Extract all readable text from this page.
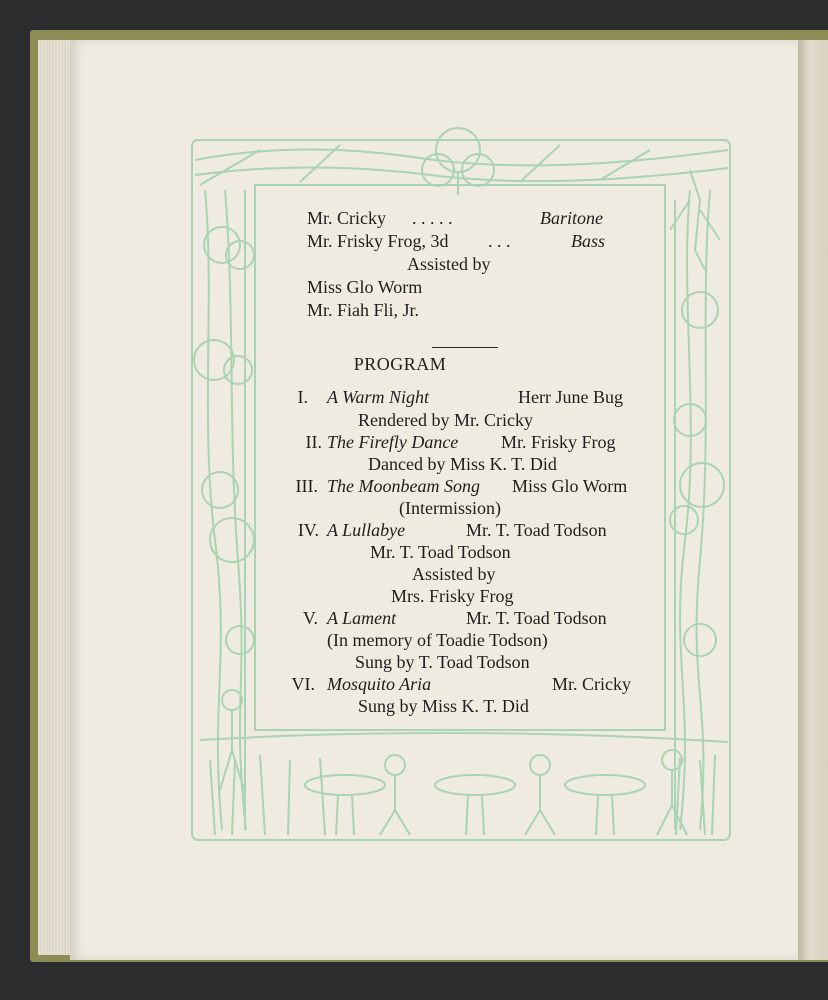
Mr. Cricky . . . . .	Baritone
Mr. Frisky Frog, 3d . . .	Bass
Assisted by
Miss Glo Worm
Mr. Fiah Fli, Jr.
PROGRAM
I. A Warm Night	Herr June Bug
Rendered by Mr. Cricky
II. The Firefly Dance Mr. Frisky Frog
Danced by Miss K. T. Did
III. The Moonbeam Song Miss Glo Worm
(Intermission)
IV. A Lullabye	Mr. T. Toad Todson
Mr. T. Toad Todson
Assisted by
Mrs. Frisky Frog
V. A Lament	Mr. T. Toad Todson
(In memory of Toadie Todson)
Sung by T. Toad Todson
VI. Mosquito Aria	Mr. Cricky
Sung by Miss K. T. Did
